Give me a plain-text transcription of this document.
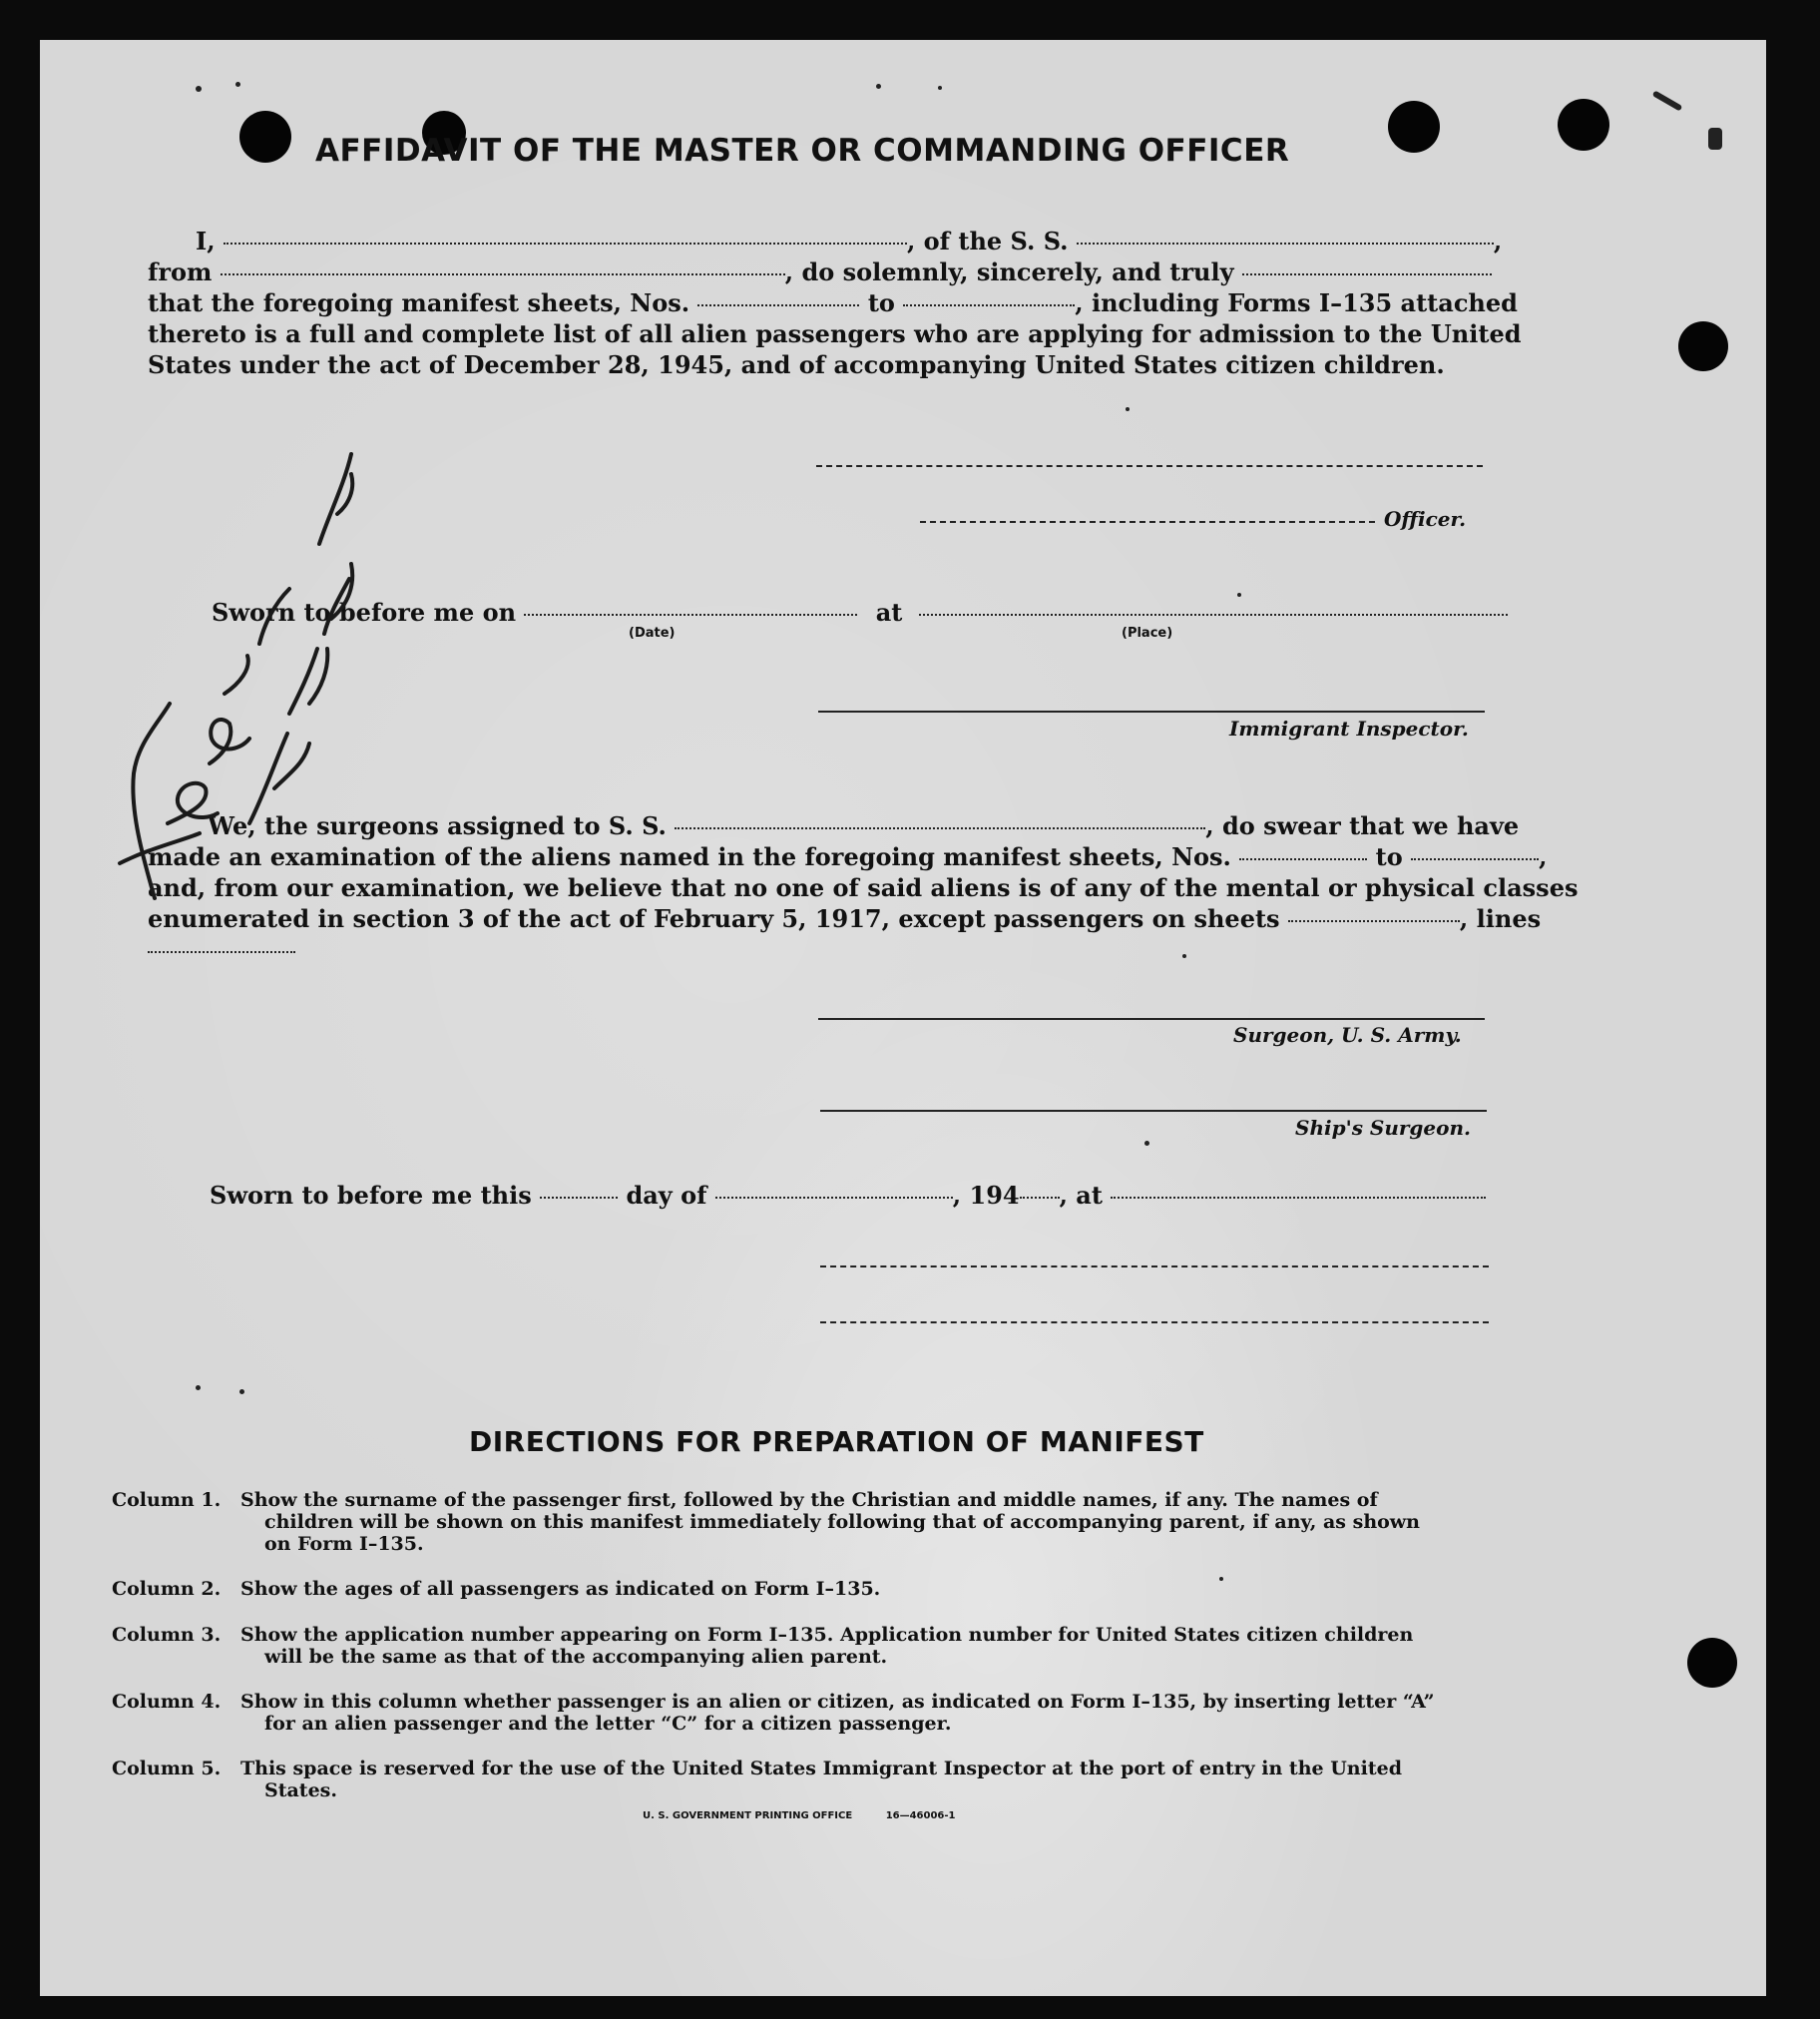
AFFIDAVIT OF THE MASTER OR COMMANDING OFFICER
I,	, of the S. S.	,
from	, do solemnly, sincerely, and truly
that the foregoing manifest sheets, Nos.	to	, including Forms I–135 attached
thereto is a full and complete list of all alien passengers who are applying for admission to the United
States under the act of December 28, 1945, and of accompanying United States citizen children.
Officer.
Sworn to before me on	at
(Date)	(Place)
Immigrant Inspector.
We, the surgeons assigned to S. S.	, do swear that we have
made an examination of the aliens named in the foregoing manifest sheets, Nos.	to	,
and, from our examination, we believe that no one of said aliens is of any of the mental or physical classes
enumerated in section 3 of the act of February 5, 1917, except passengers on sheets	, lines
Surgeon, U. S. Army.
Ship's Surgeon.
Sworn to before me this	day of	, 194 , at
DIRECTIONS FOR PREPARATION OF MANIFEST
Column 1. Show the surname of the passenger first, followed by the Christian and middle names, if any. The names of
children will be shown on this manifest immediately following that of accompanying parent, if any, as shown
on Form I–135.
Column 2. Show the ages of all passengers as indicated on Form I–135.
Column 3. Show the application number appearing on Form I–135. Application number for United States citizen children
will be the same as that of the accompanying alien parent.
Column 4. Show in this column whether passenger is an alien or citizen, as indicated on Form I–135, by inserting letter “A”
for an alien passenger and the letter “C” for a citizen passenger.
Column 5. This space is reserved for the use of the United States Immigrant Inspector at the port of entry in the United
States.
U. S. GOVERNMENT PRINTING OFFICE	16—46006-1
